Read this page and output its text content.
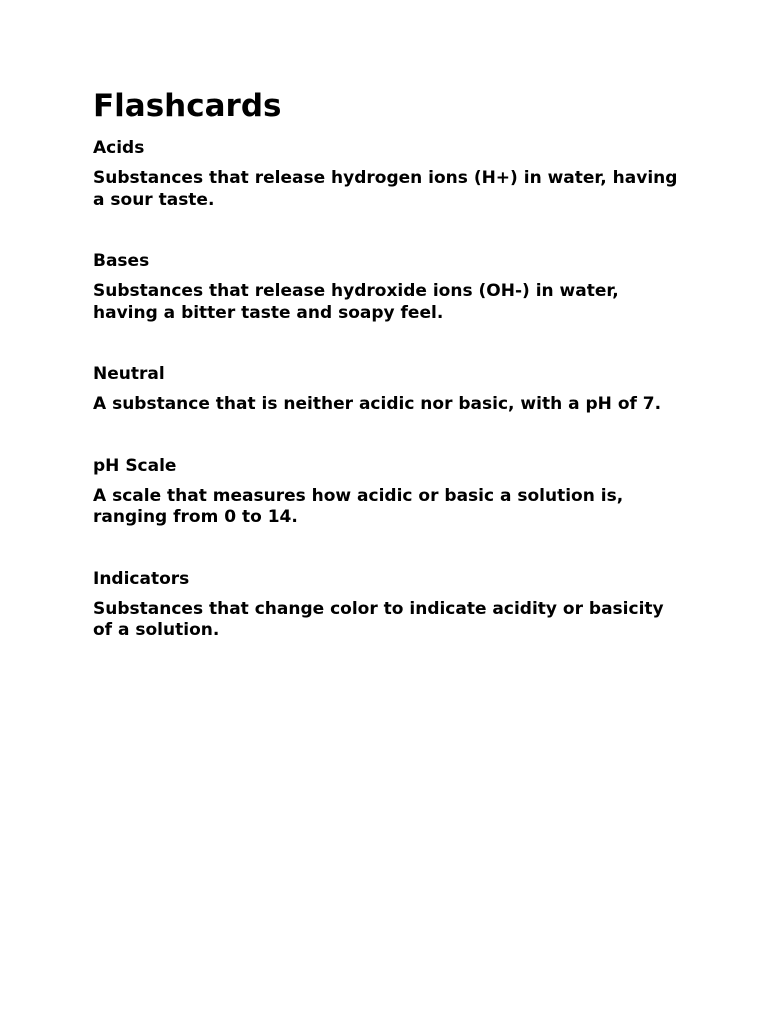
Flashcards
Acids
Substances that release hydrogen ions (H+) in water, having a sour taste.
Bases
Substances that release hydroxide ions (OH-) in water, having a bitter taste and soapy feel.
Neutral
A substance that is neither acidic nor basic, with a pH of 7.
pH Scale
A scale that measures how acidic or basic a solution is, ranging from 0 to 14.
Indicators
Substances that change color to indicate acidity or basicity of a solution.
